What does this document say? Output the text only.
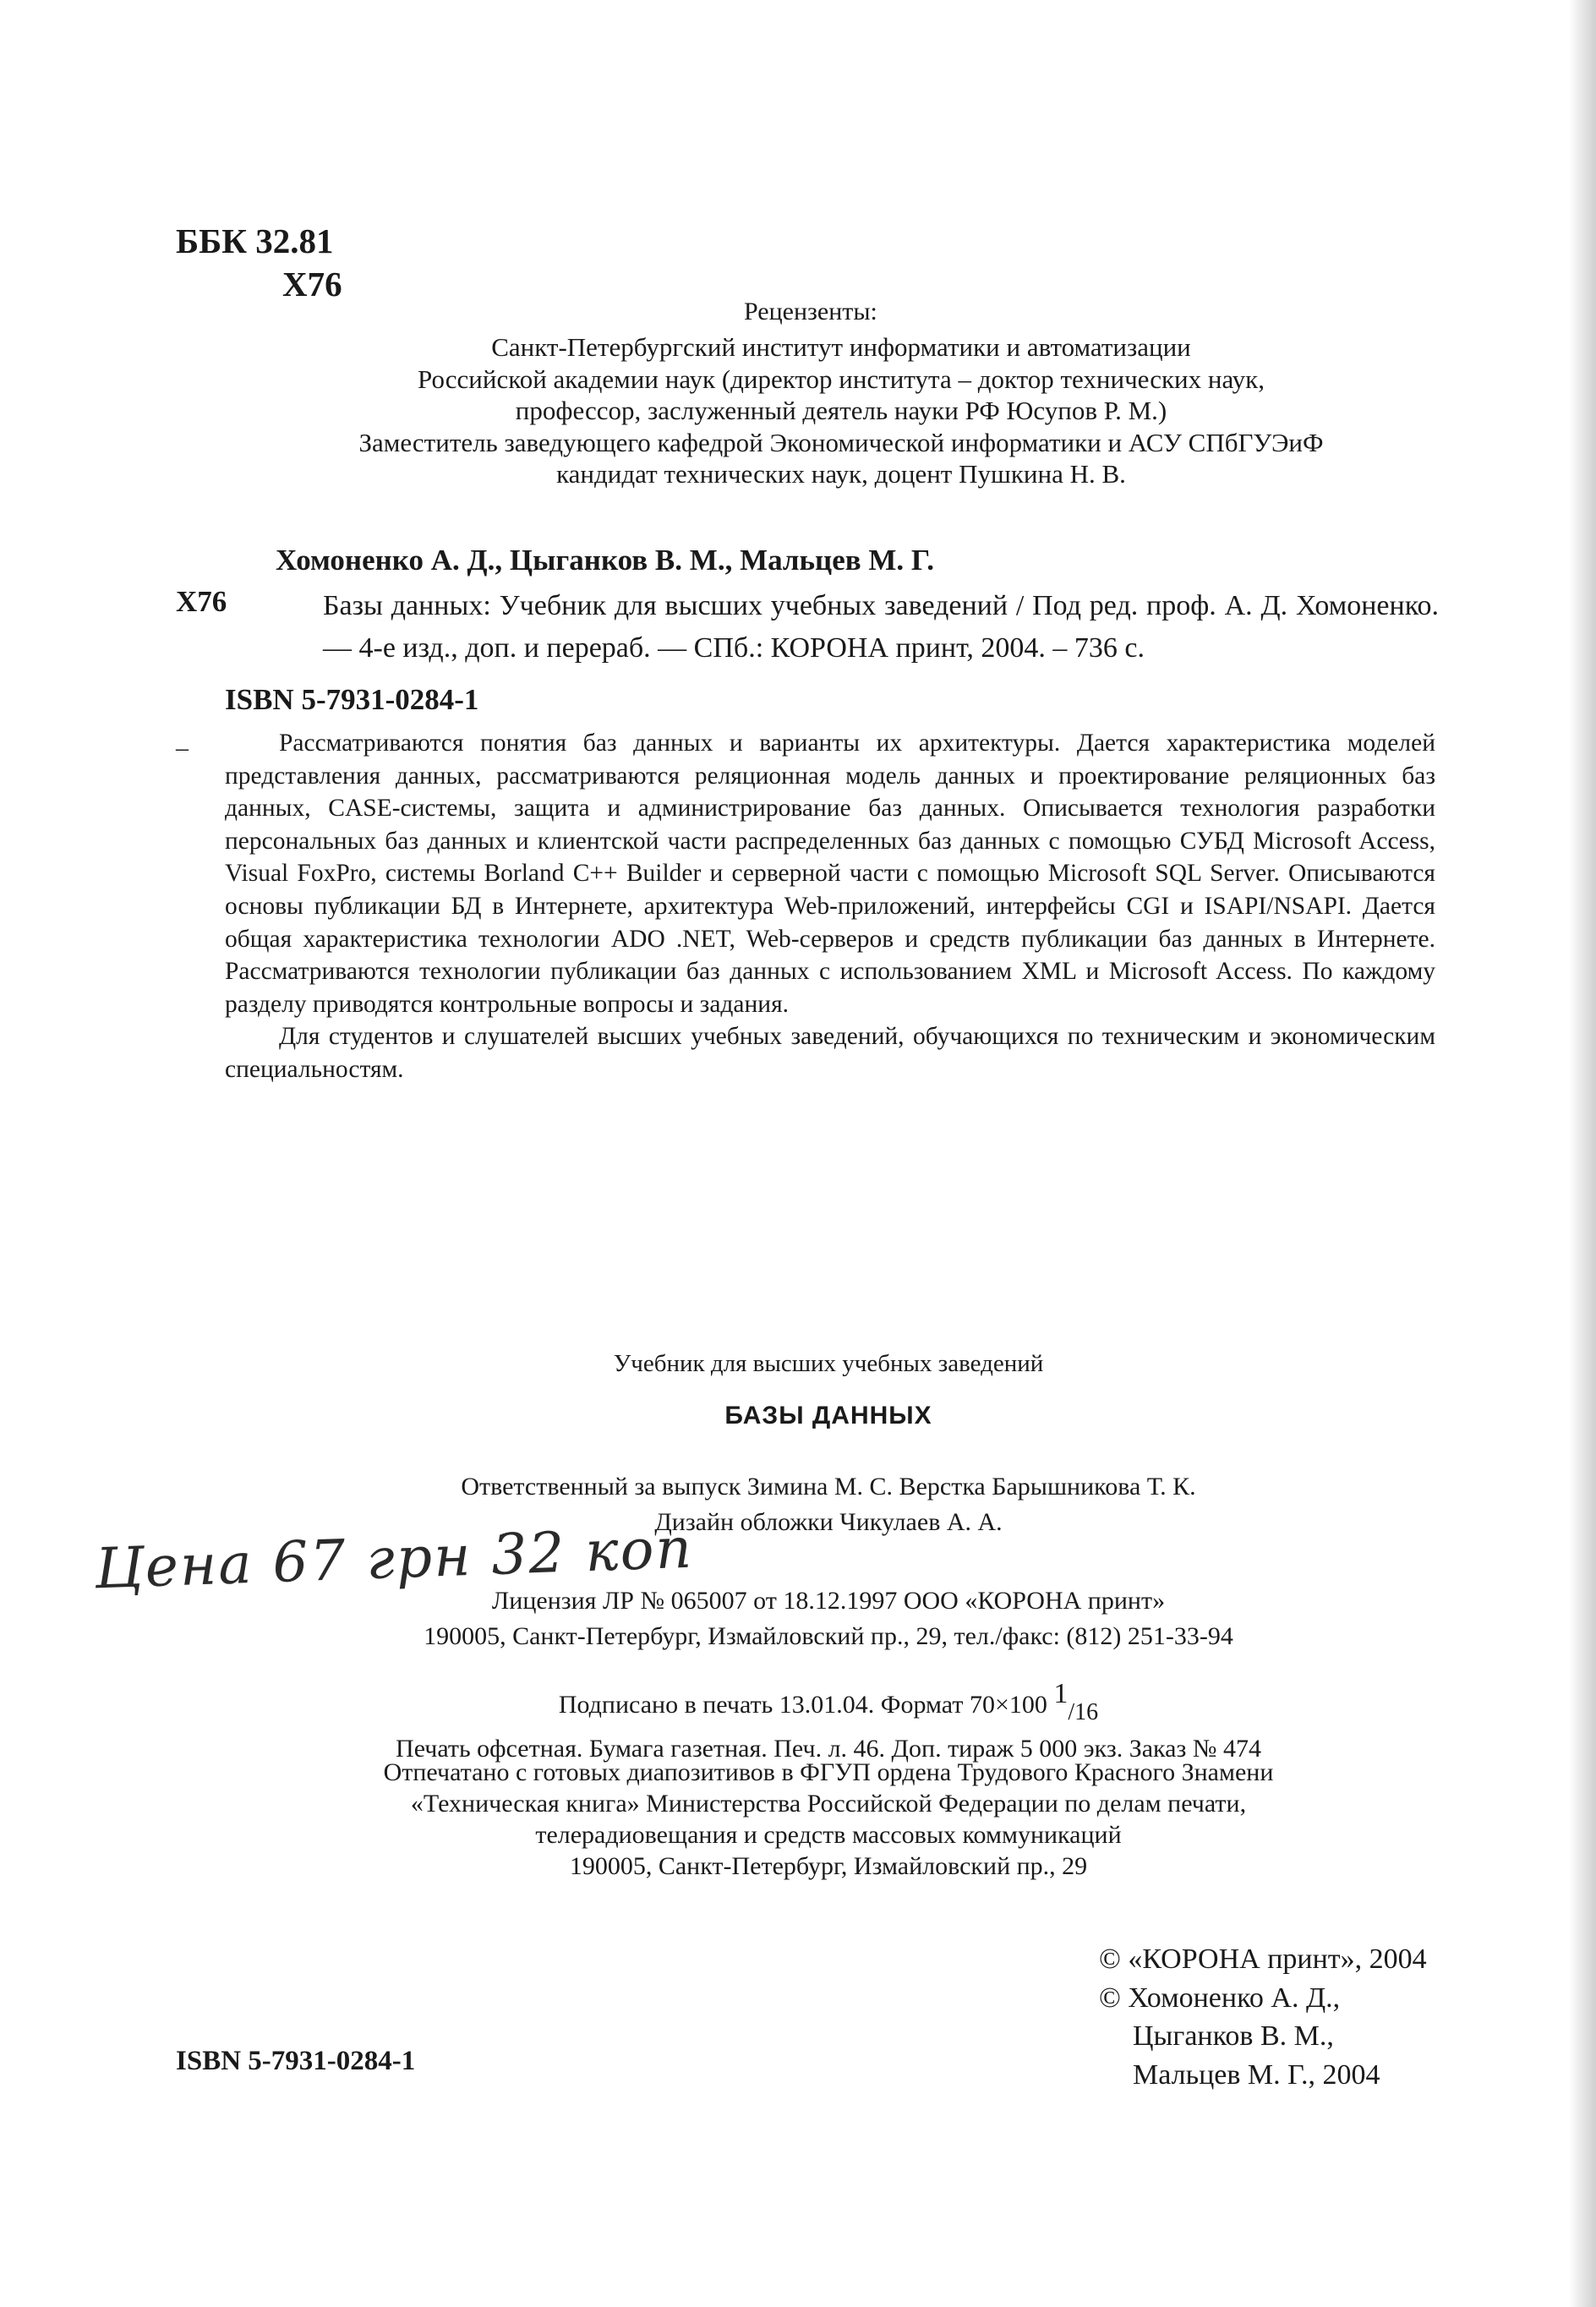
ББК 32.81
Х76
Рецензенты:

Санкт-Петербургский институт информатики и автоматизации

Российской академии наук (директор института – доктор технических наук,

профессор, заслуженный деятель науки РФ Юсупов Р. М.)

Заместитель заведующего кафедрой Экономической информатики и АСУ СПбГУЭиФ

кандидат технических наук, доцент Пушкина Н. В.

Хомоненко А. Д., Цыганков В. М., Мальцев М. Г.
Х76	Базы данных: Учебник для высших учебных заведений / Под ред. проф. А. Д. Хомоненко. — 4-е изд., доп. и перераб. — СПб.: КОРОНА принт, 2004. – 736 с.
ISBN 5-7931-0284-1
–	Рассматриваются понятия баз данных и варианты их архитектуры. Дается характеристика моделей представления данных, рассматриваются реляционная модель данных и проектирование реляционных баз данных, CASE-системы, защита и администрирование баз данных. Описывается технология разработки персональных баз данных и клиентской части распределенных баз данных с помощью СУБД Microsoft Access, Visual FoxPro, системы Borland C++ Builder и серверной части с помощью Microsoft SQL Server. Описываются основы публикации БД в Интернете, архитектура Web-приложений, интерфейсы CGI и ISAPI/NSAPI. Дается общая характеристика технологии ADO .NET, Web-серверов и средств публикации баз данных в Интернете. Рассматриваются технологии публикации баз данных с использованием XML и Microsoft Access. По каждому разделу приводятся контрольные вопросы и задания.

Для студентов и слушателей высших учебных заведений, обучающихся по техническим и экономическим специальностям.

Учебник для высших учебных заведений
БАЗЫ ДАННЫХ

Ответственный за выпуск Зимина М. С. Верстка Барышникова Т. К.

Дизайн обложки Чикулаев А. А.

Цена 67 грн 32 коп

Лицензия ЛР № 065007 от 18.12.1997 ООО «КОРОНА принт»

190005, Санкт-Петербург, Измайловский пр., 29, тел./факс: (812) 251-33-94

Подписано в печать 13.01.04. Формат 70×100 1/16

Печать офсетная. Бумага газетная. Печ. л. 46. Доп. тираж 5 000 экз. Заказ № 474

Отпечатано с готовых диапозитивов в ФГУП ордена Трудового Красного Знамени

«Техническая книга» Министерства Российской Федерации по делам печати,

телерадиовещания и средств массовых коммуникаций

190005, Санкт-Петербург, Измайловский пр., 29

© «КОРОНА принт», 2004

© Хомоненко А. Д.,

Цыганков В. М.,

Мальцев М. Г., 2004

ISBN 5-7931-0284-1
